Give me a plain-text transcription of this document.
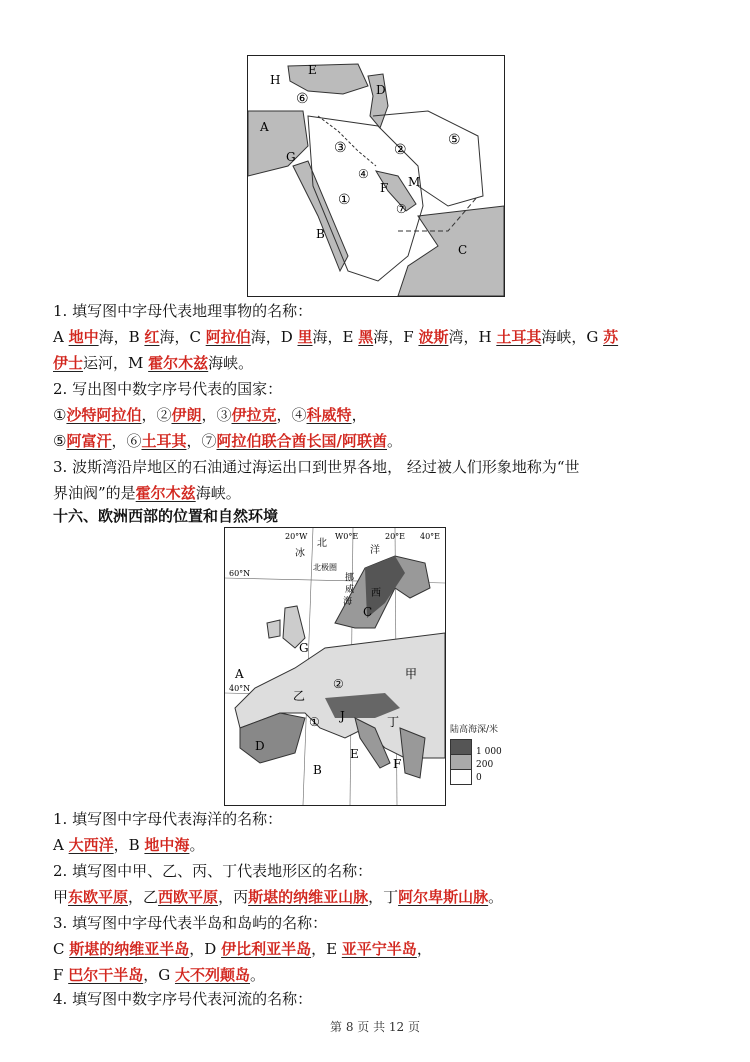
H
E
⑥
D
A
G
③	②
⑤
④
F M
①
⑦
B
C
1. 填写图中字母代表地理事物的名称：
A 地中海，B 红海，C 阿拉伯海，D 里海，E 黑海，F 波斯湾，H 土耳其海峡，G 苏
伊士运河，M 霍尔木兹海峡。
2. 写出图中数字序号代表的国家：
①沙特阿拉伯，②伊朗，③伊拉克，④科威特，
⑤阿富汗，⑥土耳其，⑦阿拉伯联合酋长国/阿联酋。
3. 波斯湾沿岸地区的石油通过海运出口到世界各地， 经过被人们形象地称为“世
界油阀”的是霍尔木兹海峡。
十六、欧洲西部的位置和自然环境
20°W	W0°E	20°E 40°E
北
冰	洋
北极圈
挪
威
海
西
60°N
40°N
C
G
A
乙
②
甲
D
J
①	丁
B
E
F
陆高海深/米
1 000
200
0
1. 填写图中字母代表海洋的名称：
A 大西洋，B 地中海。
2. 填写图中甲、乙、丙、丁代表地形区的名称：
甲东欧平原，乙西欧平原，丙斯堪的纳维亚山脉，丁阿尔卑斯山脉。
3. 填写图中字母代表半岛和岛屿的名称：
C 斯堪的纳维亚半岛，D 伊比利亚半岛，E 亚平宁半岛，
F 巴尔干半岛，G 大不列颠岛。
4. 填写图中数字序号代表河流的名称：
第 8 页 共 12 页
